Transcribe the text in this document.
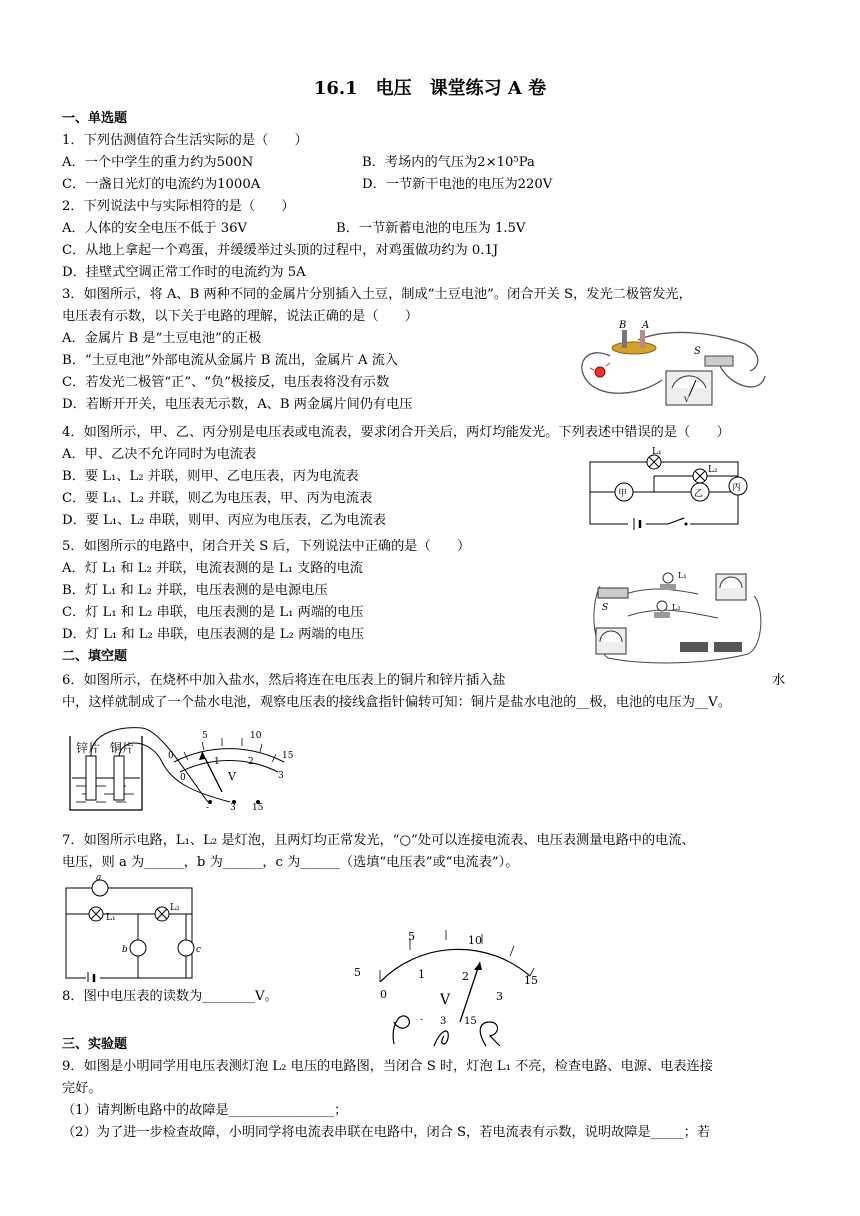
16.1　电压　课堂练习 A 卷
一、单选题
1．下列估测值符合生活实际的是（　　）
A．一个中学生的重力约为500N	B．考场内的气压为2×10⁵Pa
C．一盏日光灯的电流约为1000A	D．一节新干电池的电压为220V
2．下列说法中与实际相符的是（　　）
A．人体的安全电压不低于 36V	B．一节新蓄电池的电压为 1.5V
C．从地上拿起一个鸡蛋，并缓缓举过头顶的过程中，对鸡蛋做功约为 0.1J
D．挂壁式空调正常工作时的电流约为 5A
3．如图所示，将 A、B 两种不同的金属片分别插入土豆，制成“土豆电池”。闭合开关 S，发光二极管发光，
电压表有示数，以下关于电路的理解，说法正确的是（　　）
A．金属片 B 是“土豆电池”的正极
B．“土豆电池”外部电流从金属片 B 流出，金属片 A 流入
C．若发光二极管“正”、“负”极接反，电压表将没有示数
D．若断开开关，电压表无示数，A、B 两金属片间仍有电压
B A
S
V
4．如图所示，甲、乙、丙分别是电压表或电流表，要求闭合开关后，两灯均能发光。下列表述中错误的是（　　）
A．甲、乙决不允许同时为电流表
B．要 L₁、L₂ 并联，则甲、乙电压表，丙为电流表
C．要 L₁、L₂ 并联，则乙为电压表，甲、丙为电流表
D．要 L₁、L₂ 串联，则甲、丙应为电压表，乙为电流表
L₁
L₂
甲	乙
丙
5．如图所示的电路中，闭合开关 S 后，下列说法中正确的是（　　）
A．灯 L₁ 和 L₂ 并联，电流表测的是 L₁ 支路的电流
B．灯 L₁ 和 L₂ 并联，电压表测的是电源电压
C．灯 L₁ 和 L₂ 串联，电压表测的是 L₁ 两端的电压
D．灯 L₁ 和 L₂ 串联，电压表测的是 L₂ 两端的电压
S
L₁
L₂
二、填空题
6．如图所示，在烧杯中加入盐水，然后将连在电压表上的铜片和锌片插入盐	水
中，这样就制成了一个盐水电池，观察电压表的接线盒指针偏转可知：铜片是盐水电池的__极，电池的电压为__V。
锌片 铜片
0
5	10
15
0
1	2
3
V
- 3 15
7．如图所示电路，L₁、L₂ 是灯泡，且两灯均正常发光，“○”处可以连接电流表、电压表测量电路中的电流、
电压，则 a 为______，b 为______，c 为______（选填“电压表”或“电流表”）。
a
L₁
L₂
b	c
8．图中电压表的读数为________V。
5
5	10
0
15
1	2
3
V
- 3 15
三、实验题
9．如图是小明同学用电压表测灯泡 L₂ 电压的电路图，当闭合 S 时，灯泡 L₁ 不亮，检查电路、电源、电表连接
完好。
（1）请判断电路中的故障是________________；
（2）为了进一步检查故障，小明同学将电流表串联在电路中，闭合 S，若电流表有示数，说明故障是_____；若
